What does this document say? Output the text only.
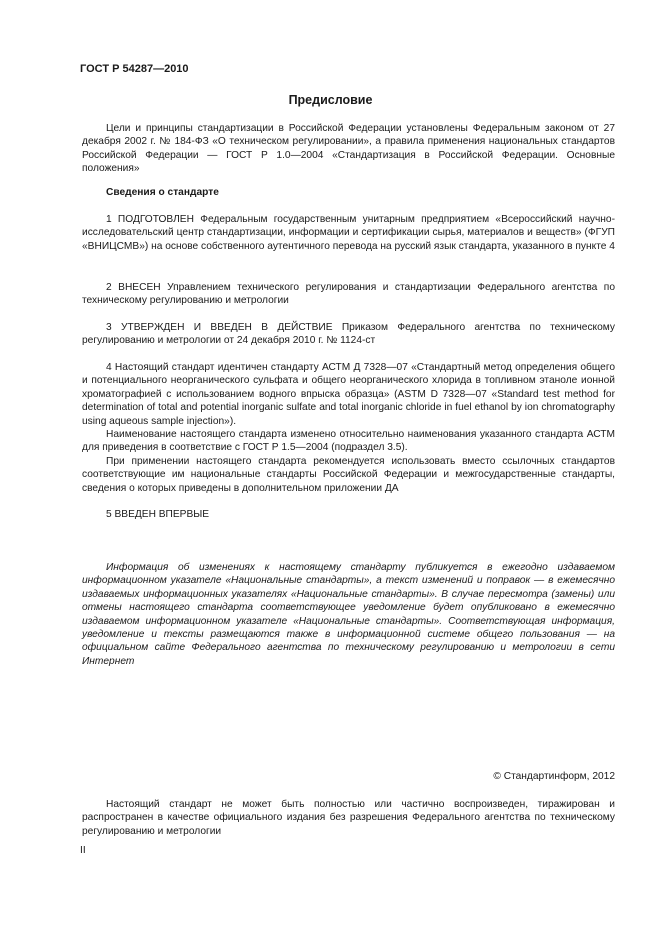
ГОСТ Р 54287—2010
Предисловие

Цели и принципы стандартизации в Российской Федерации установлены Федеральным законом от 27 декабря 2002 г. № 184-ФЗ «О техническом регулировании», а правила применения национальных стандартов Российской Федерации — ГОСТ Р 1.0—2004 «Стандартизация в Российской Федерации. Основные положения»

Сведения о стандарте

1 ПОДГОТОВЛЕН Федеральным государственным унитарным предприятием «Всероссийский научно-исследовательский центр стандартизации, информации и сертификации сырья, материалов и веществ» (ФГУП «ВНИЦСМВ») на основе собственного аутентичного перевода на русский язык стандарта, указанного в пункте 4

2 ВНЕСЕН Управлением технического регулирования и стандартизации Федерального агентства по техническому регулированию и метрологии

3 УТВЕРЖДЕН И ВВЕДЕН В ДЕЙСТВИЕ Приказом Федерального агентства по техническому регулированию и метрологии от 24 декабря 2010 г. № 1124-ст

4 Настоящий стандарт идентичен стандарту АСТМ Д 7328—07 «Стандартный метод определения общего и потенциального неорганического сульфата и общего неорганического хлорида в топливном этаноле ионной хроматографией с использованием водного впрыска образца» (ASTM D 7328—07 «Standard test method for determination of total and potential inorganic sulfate and total inorganic chloride in fuel ethanol by ion chromatography using aqueous sample injection»).

Наименование настоящего стандарта изменено относительно наименования указанного стандарта АСТМ для приведения в соответствие с ГОСТ Р 1.5—2004 (подраздел 3.5).

При применении настоящего стандарта рекомендуется использовать вместо ссылочных стандартов соответствующие им национальные стандарты Российской Федерации и межгосударственные стандарты, сведения о которых приведены в дополнительном приложении ДА

5 ВВЕДЕН ВПЕРВЫЕ

Информация об изменениях к настоящему стандарту публикуется в ежегодно издаваемом информационном указателе «Национальные стандарты», а текст изменений и поправок — в ежемесячно издаваемых информационных указателях «Национальные стандарты». В случае пересмотра (замены) или отмены настоящего стандарта соответствующее уведомление будет опубликовано в ежемесячно издаваемом информационном указателе «Национальные стандарты». Соответствующая информация, уведомление и тексты размещаются также в информационной системе общего пользования — на официальном сайте Федерального агентства по техническому регулированию и метрологии в сети Интернет

© Стандартинформ, 2012

Настоящий стандарт не может быть полностью или частично воспроизведен, тиражирован и распространен в качестве официального издания без разрешения Федерального агентства по техническому регулированию и метрологии

II
